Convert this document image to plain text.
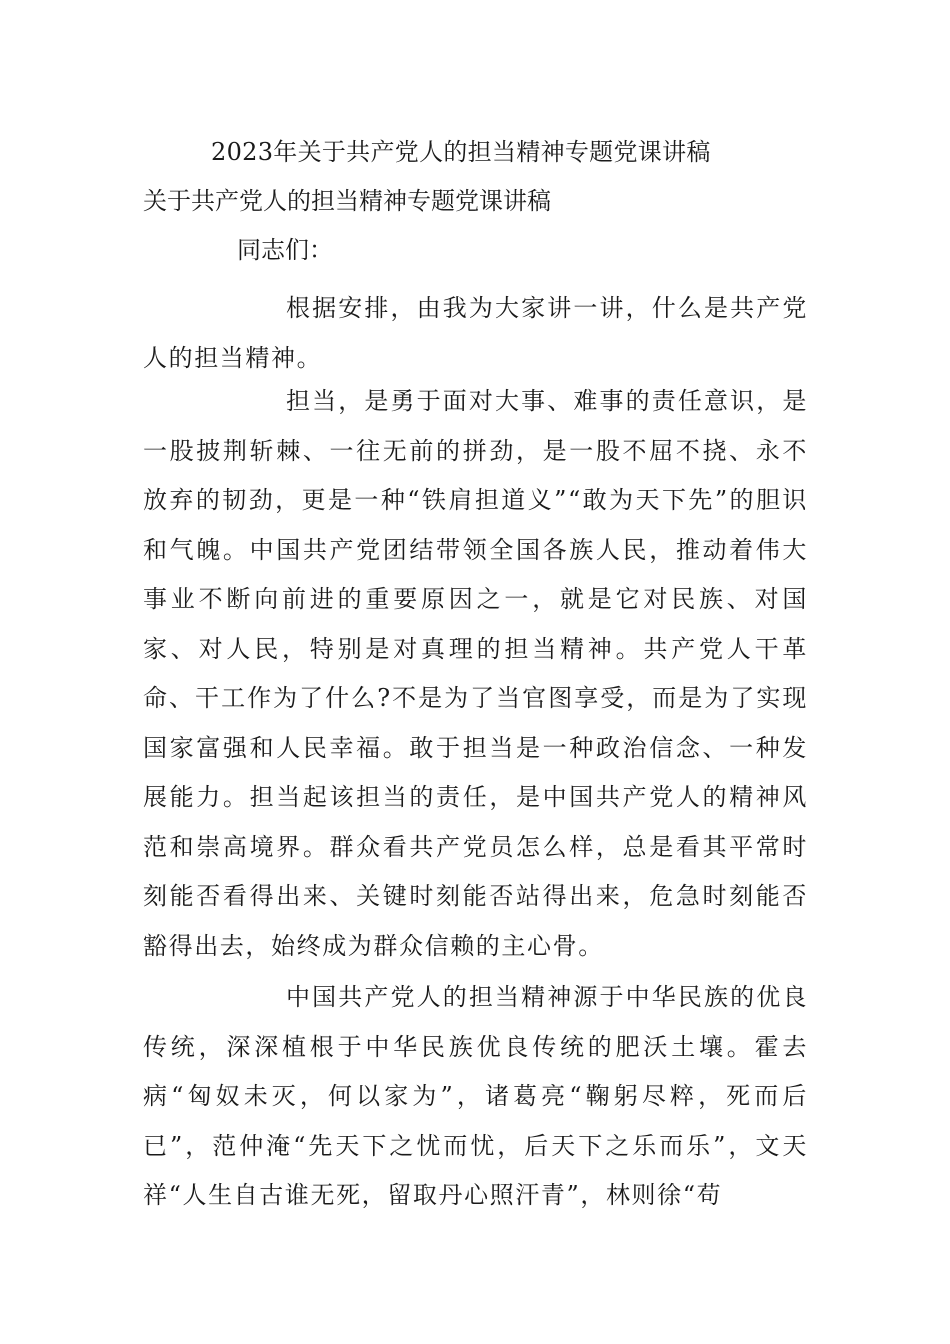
2023年关于共产党人的担当精神专题党课讲稿
关于共产党人的担当精神专题党课讲稿
同志们：

根据安排，由我为大家讲一讲，什么是共产党人的担当精神。

担当，是勇于面对大事、难事的责任意识，是一股披荆斩棘、一往无前的拼劲，是一股不屈不挠、永不放弃的韧劲，更是一种“铁肩担道义”“敢为天下先”的胆识和气魄。中国共产党团结带领全国各族人民，推动着伟大事业不断向前进的重要原因之一，就是它对民族、对国家、对人民，特别是对真理的担当精神。共产党人干革命、干工作为了什么?不是为了当官图享受，而是为了实现国家富强和人民幸福。敢于担当是一种政治信念、一种发展能力。担当起该担当的责任，是中国共产党人的精神风范和崇高境界。群众看共产党员怎么样，总是看其平常时刻能否看得出来、关键时刻能否站得出来，危急时刻能否豁得出去，始终成为群众信赖的主心骨。

中国共产党人的担当精神源于中华民族的优良传统，深深植根于中华民族优良传统的肥沃土壤。霍去病“匈奴未灭，何以家为”，诸葛亮“鞠躬尽粹，死而后已”，范仲淹“先天下之忧而忧，后天下之乐而乐”，文天祥“人生自古谁无死，留取丹心照汗青”，林则徐“苟
